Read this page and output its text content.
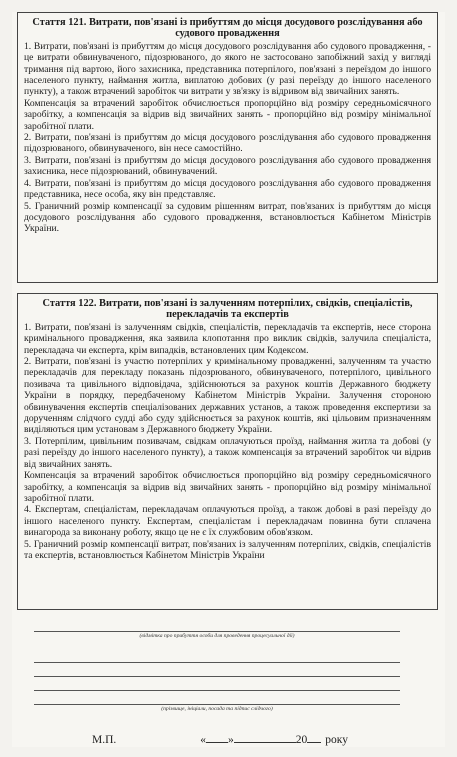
Стаття 121. Витрати, пов'язані із прибуттям до місця досудового розслідування або судового провадження

1. Витрати, пов'язані із прибуттям до місця досудового розслідування або судового провадження, - це витрати обвинуваченого, підозрюваного, до якого не застосовано запобіжний захід у вигляді тримання під вартою, його захисника, представника потерпілого, пов'язані з переїздом до іншого населеного пункту, наймання житла, виплатою добових (у разі переїзду до іншого населеного пункту), а також втрачений заробіток чи витрати у зв'язку із відривом від звичайних занять.

Компенсація за втрачений заробіток обчислюється пропорційно від розміру середньомісячного заробітку, а компенсація за відрив від звичайних занять - пропорційно від розміру мінімальної заробітної плати.

2. Витрати, пов'язані із прибуттям до місця досудового розслідування або судового провадження підозрюваного, обвинуваченого, він несе самостійно.

3. Витрати, пов'язані із прибуттям до місця досудового розслідування або судового провадження захисника, несе підозрюваний, обвинувачений.

4. Витрати, пов'язані із прибуттям до місця досудового розслідування або судового провадження представника, несе особа, яку він представляє.

5. Граничний розмір компенсації за судовим рішенням витрат, пов'язаних із прибуттям до місця досудового розслідування або судового провадження, встановлюється Кабінетом Міністрів України.

Стаття 122. Витрати, пов'язані із залученням потерпілих, свідків, спеціалістів, перекладачів та експертів

1. Витрати, пов'язані із залученням свідків, спеціалістів, перекладачів та експертів, несе сторона кримінального провадження, яка заявила клопотання про виклик свідків, залучила спеціаліста, перекладача чи експерта, крім випадків, встановлених цим Кодексом.

2. Витрати, пов'язані із участю потерпілих у кримінальному провадженні, залученням та участю перекладачів для перекладу показань підозрюваного, обвинуваченого, потерпілого, цивільного позивача та цивільного відповідача, здійснюються за рахунок коштів Державного бюджету України в порядку, передбаченому Кабінетом Міністрів України. Залучення стороною обвинувачення експертів спеціалізованих державних установ, а також проведення експертизи за дорученням слідчого судді або суду здійснюється за рахунок коштів, які цільовим призначенням виділяються цим установам з Державного бюджету України.

3. Потерпілим, цивільним позивачам, свідкам оплачуються проїзд, наймання житла та добові (у разі переїзду до іншого населеного пункту), а також компенсація за втрачений заробіток чи відрив від звичайних занять.

Компенсація за втрачений заробіток обчислюється пропорційно від розміру середньомісячного заробітку, а компенсація за відрив від звичайних занять - пропорційно від розміру мінімальної заробітної плати.

4. Експертам, спеціалістам, перекладачам оплачуються проїзд, а також добові в разі переїзду до іншого населеного пункту. Експертам, спеціалістам і перекладачам повинна бути сплачена винагорода за виконану роботу, якщо це не є їх службовим обов'язком.

5. Граничний розмір компенсації витрат, пов'язаних із залученням потерпілих, свідків, спеціалістів та експертів, встановлюється Кабінетом Міністрів України

(відмітка про прибуття особи для проведення процесуальної дії)
(прізвище, ініціали, посада та підпис слідчого)
М.П.	« »	20 року
